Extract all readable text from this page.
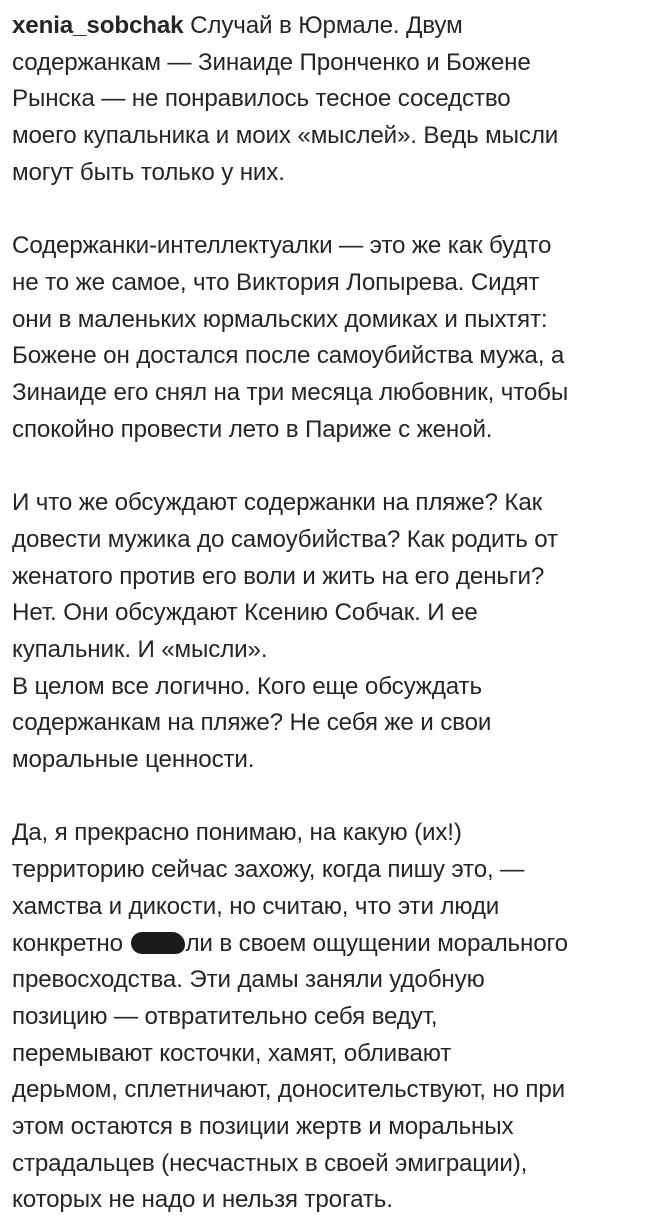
xenia_sobchak Случай в Юрмале. Двум
содержанкам — Зинаиде Пронченко и Божене
Рынска — не понравилось тесное соседство
моего купальника и моих «мыслей». Ведь мысли
могут быть только у них.
Содержанки-интеллектуалки — это же как будто
не то же самое, что Виктория Лопырева. Сидят
они в маленьких юрмальских домиках и пыхтят:
Божене он достался после самоубийства мужа, а
Зинаиде его снял на три месяца любовник, чтобы
спокойно провести лето в Париже с женой.
И что же обсуждают содержанки на пляже? Как
довести мужика до самоубийства? Как родить от
женатого против его воли и жить на его деньги?
Нет. Они обсуждают Ксению Собчак. И ее
купальник. И «мысли».
В целом все логично. Кого еще обсуждать
содержанкам на пляже? Не себя же и свои
моральные ценности.
Да, я прекрасно понимаю, на какую (их!)
территорию сейчас захожу, когда пишу это, —
хамства и дикости, но считаю, что эти люди
конкретно ли в своем ощущении морального
превосходства. Эти дамы заняли удобную
позицию — отвратительно себя ведут,
перемывают косточки, хамят, обливают
дерьмом, сплетничают, доносительствуют, но при
этом остаются в позиции жертв и моральных
страдальцев (несчастных в своей эмиграции),
которых не надо и нельзя трогать.
